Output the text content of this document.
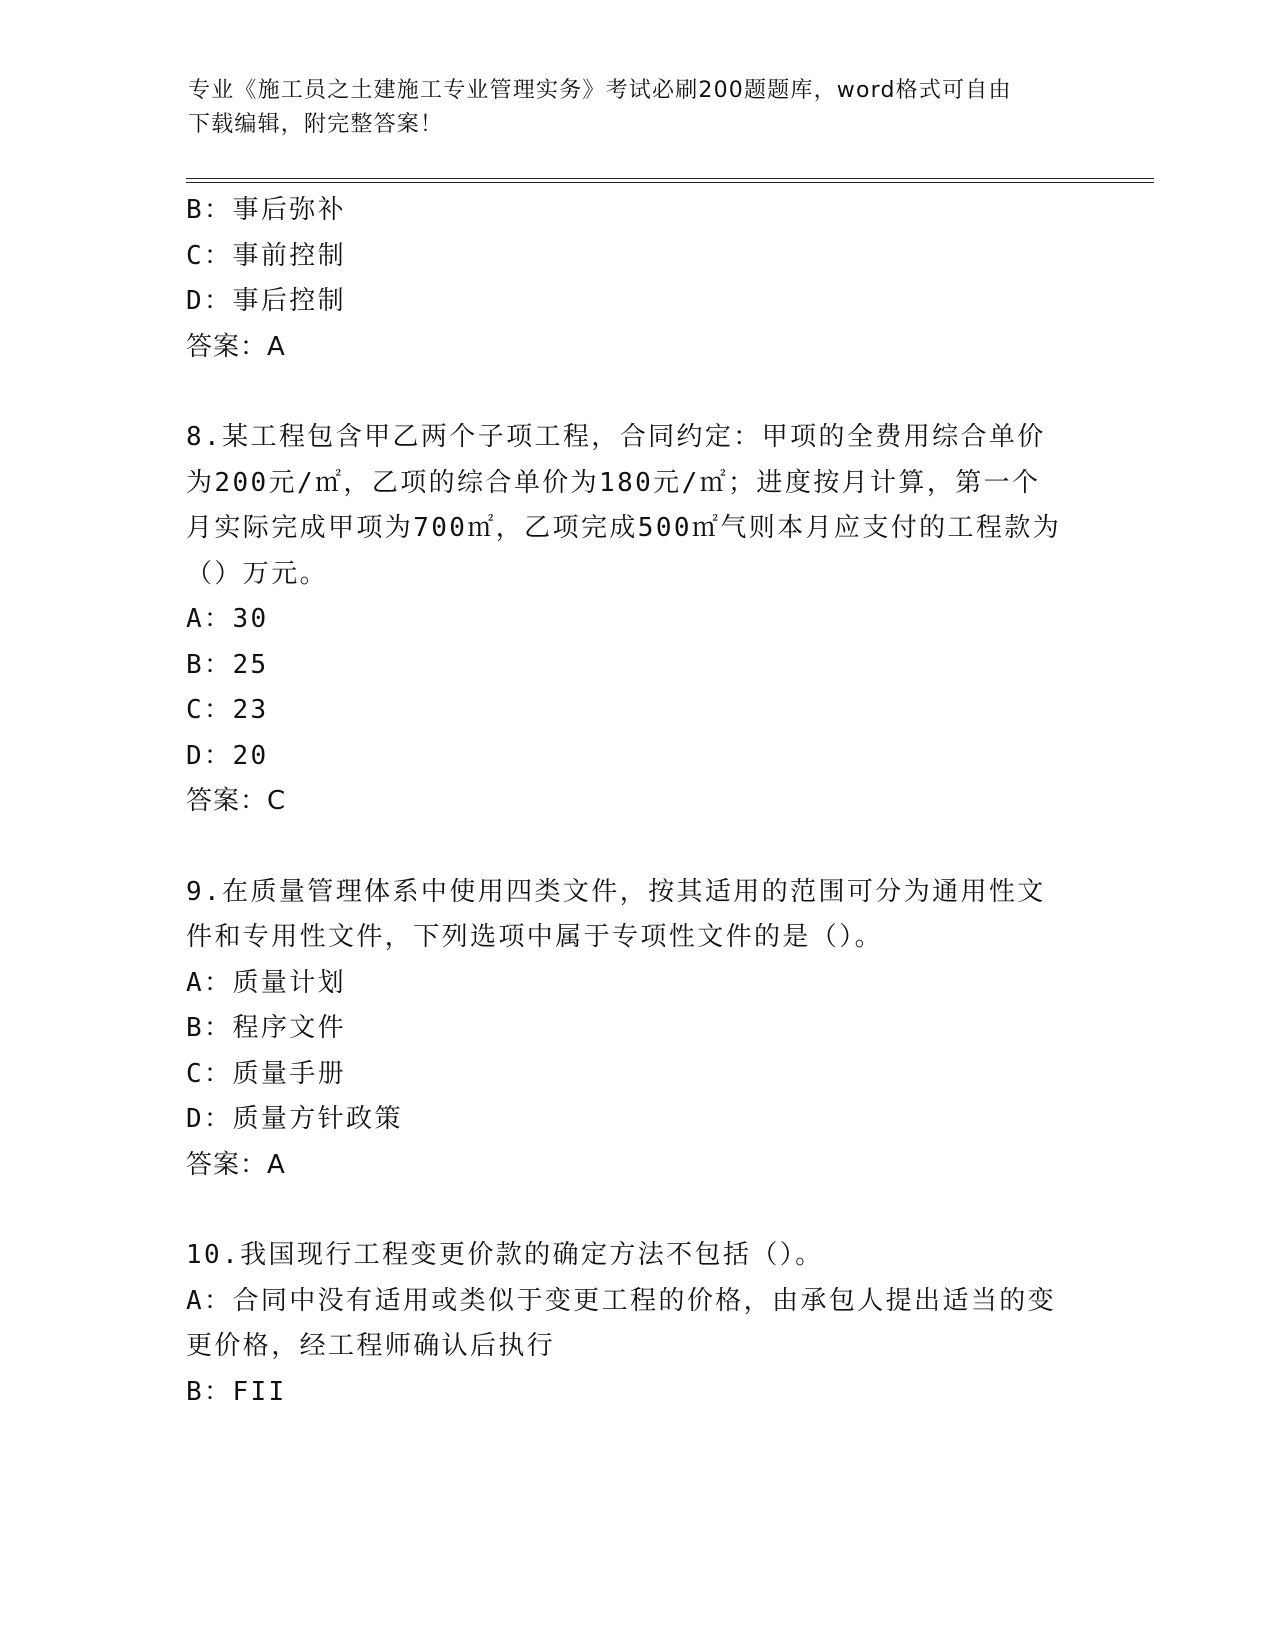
专业《施工员之土建施工专业管理实务》考试必刷200题题库，word格式可自由
下载编辑，附完整答案！

B：事后弥补

C：事前控制

D：事后控制

答案：A

8.某工程包含甲乙两个子项工程，合同约定：甲项的全费用综合单价

为200元/㎡，乙项的综合单价为180元/㎡；进度按月计算，第一个

月实际完成甲项为700㎡，乙项完成500㎡气则本月应支付的工程款为

（）万元。

A：30

B：25

C：23

D：20

答案：C

9.在质量管理体系中使用四类文件，按其适用的范围可分为通用性文

件和专用性文件，下列选项中属于专项性文件的是（）。

A：质量计划

B：程序文件

C：质量手册

D：质量方针政策

答案：A

10.我国现行工程变更价款的确定方法不包括（）。

A：合同中没有适用或类似于变更工程的价格，由承包人提出适当的变

更价格，经工程师确认后执行

B：FII
